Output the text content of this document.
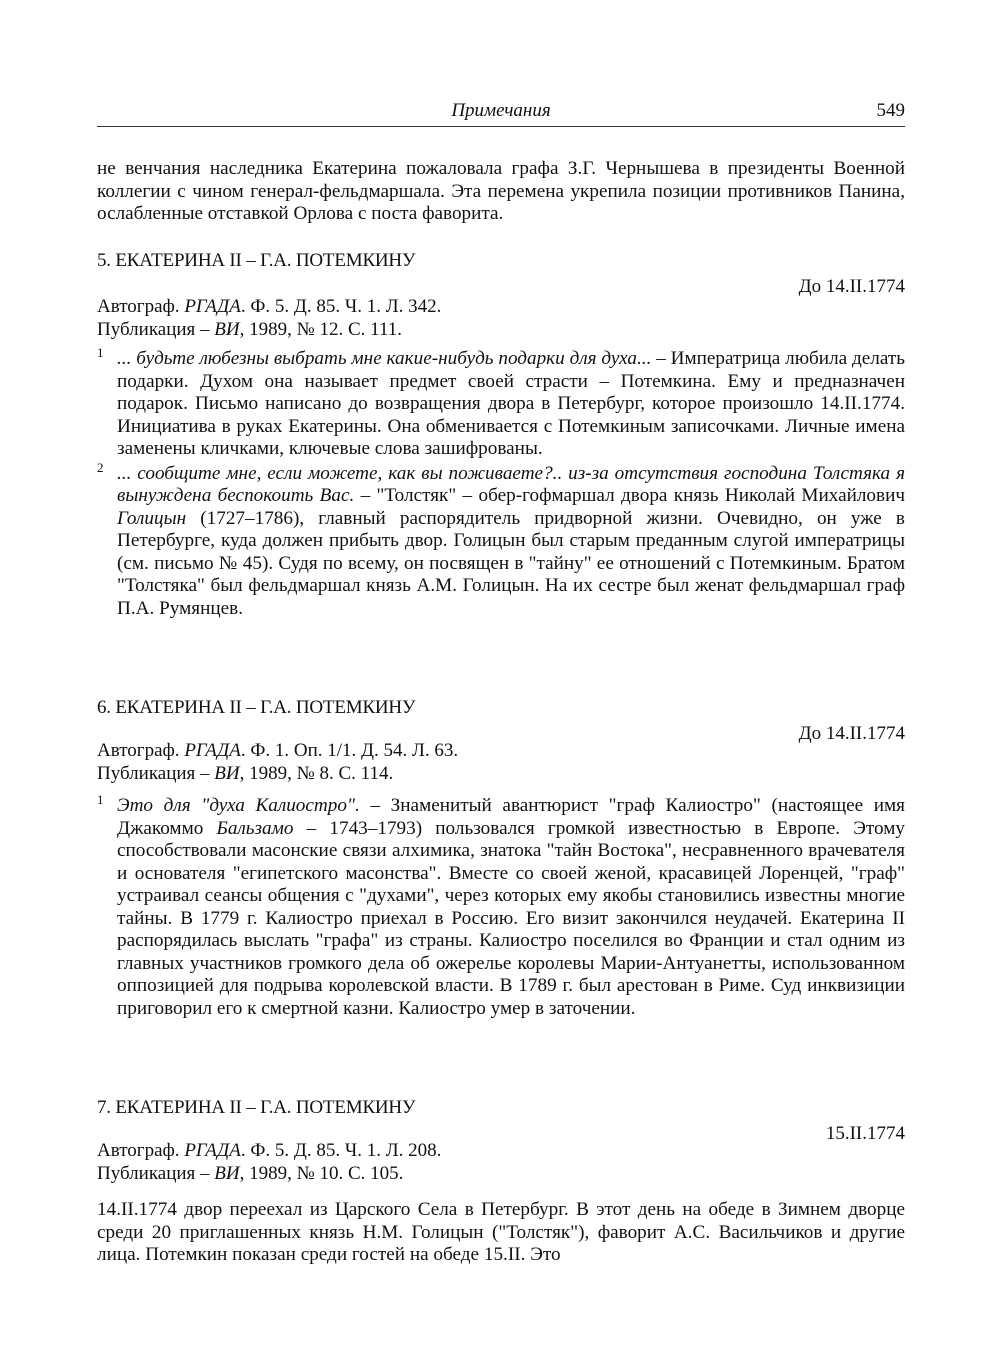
Примечания	549
не венчания наследника Екатерина пожаловала графа З.Г. Чернышева в президенты Военной коллегии с чином генерал-фельдмаршала. Эта перемена укрепила позиции противников Панина, ослабленные отставкой Орлова с поста фаворита.
5. ЕКАТЕРИНА II – Г.А. ПОТЕМКИНУ
До 14.II.1774
Автограф. РГАДА. Ф. 5. Д. 85. Ч. 1. Л. 342.
Публикация – ВИ, 1989, № 12. С. 111.
1 ... будьте любезны выбрать мне какие-нибудь подарки для духа... – Императрица любила делать подарки. Духом она называет предмет своей страсти – Потемкина. Ему и предназначен подарок. Письмо написано до возвращения двора в Петербург, которое произошло 14.II.1774. Инициатива в руках Екатерины. Она обменивается с Потемкиным записочками. Личные имена заменены кличками, ключевые слова зашифрованы.
2 ... сообщите мне, если можете, как вы поживаете?.. из-за отсутствия господина Толстяка я вынуждена беспокоить Вас. – "Толстяк" – обер-гофмаршал двора князь Николай Михайлович Голицын (1727–1786), главный распорядитель придворной жизни. Очевидно, он уже в Петербурге, куда должен прибыть двор. Голицын был старым преданным слугой императрицы (см. письмо № 45). Судя по всему, он посвящен в "тайну" ее отношений с Потемкиным. Братом "Толстяка" был фельдмаршал князь А.М. Голицын. На их сестре был женат фельдмаршал граф П.А. Румянцев.
6. ЕКАТЕРИНА II – Г.А. ПОТЕМКИНУ
До 14.II.1774
Автограф. РГАДА. Ф. 1. Оп. 1/1. Д. 54. Л. 63.
Публикация – ВИ, 1989, № 8. С. 114.
1 Это для "духа Калиостро". – Знаменитый авантюрист "граф Калиостро" (настоящее имя Джакоммо Бальзамо – 1743–1793) пользовался громкой известностью в Европе. Этому способствовали масонские связи алхимика, знатока "тайн Востока", несравненного врачевателя и основателя "египетского масонства". Вместе со своей женой, красавицей Лоренцей, "граф" устраивал сеансы общения с "духами", через которых ему якобы становились известны многие тайны. В 1779 г. Калиостро приехал в Россию. Его визит закончился неудачей. Екатерина II распорядилась выслать "графа" из страны. Калиостро поселился во Франции и стал одним из главных участников громкого дела об ожерелье королевы Марии-Антуанетты, использованном оппозицией для подрыва королевской власти. В 1789 г. был арестован в Риме. Суд инквизиции приговорил его к смертной казни. Калиостро умер в заточении.
7. ЕКАТЕРИНА II – Г.А. ПОТЕМКИНУ
15.II.1774
Автограф. РГАДА. Ф. 5. Д. 85. Ч. 1. Л. 208.
Публикация – ВИ, 1989, № 10. С. 105.
14.II.1774 двор переехал из Царского Села в Петербург. В этот день на обеде в Зимнем дворце среди 20 приглашенных князь Н.М. Голицын ("Толстяк"), фаворит А.С. Васильчиков и другие лица. Потемкин показан среди гостей на обеде 15.II. Это
